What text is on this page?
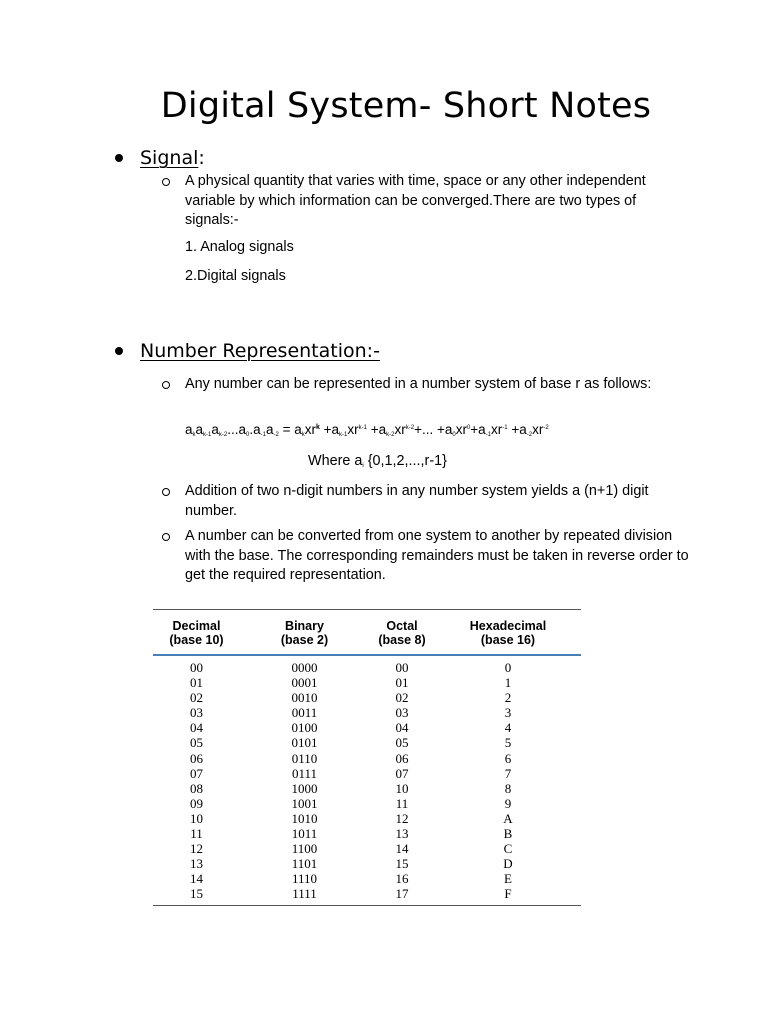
Digital System- Short Notes
Signal :
A physical quantity that varies with time, space or any other independent variable by which information can be converged.There are two types of signals:-
1. Analog signals
2.Digital signals
Number Representation:-
Any number can be represented in a number system of base r as follows:
akak-1ak-2...a0.a-1a-2 = akxr$^k$ $+ak-1xr^{k-1} +ak-2xr^{k-2}+$... $+a0xr^0+a-1xr^{-1} +a-2xr^{-2}$
Where ai {0,1,2,...,r-1}
Addition of two n-digit numbers in any number system yields a (n+1) digit number.
A number can be converted from one system to another by repeated division with the base. The corresponding remainders must be taken in reverse order to get the required representation.
Decimal
(base 10)	Binary
(base 2)	Octal
(base 8)	Hexadecimal
(base 16)
00	0000	00	0
01	0001	01	1
02	0010	02	2
03	0011	03	3
04	0100	04	4
05	0101	05	5
06	0110	06	6
07	0111	07	7
08	1000	10	8
09	1001	11	9
10	1010	12	A
11	1011	13	B
12	1100	14	C
13	1101	15	D
14	1110	16	E
15	1111	17	F
